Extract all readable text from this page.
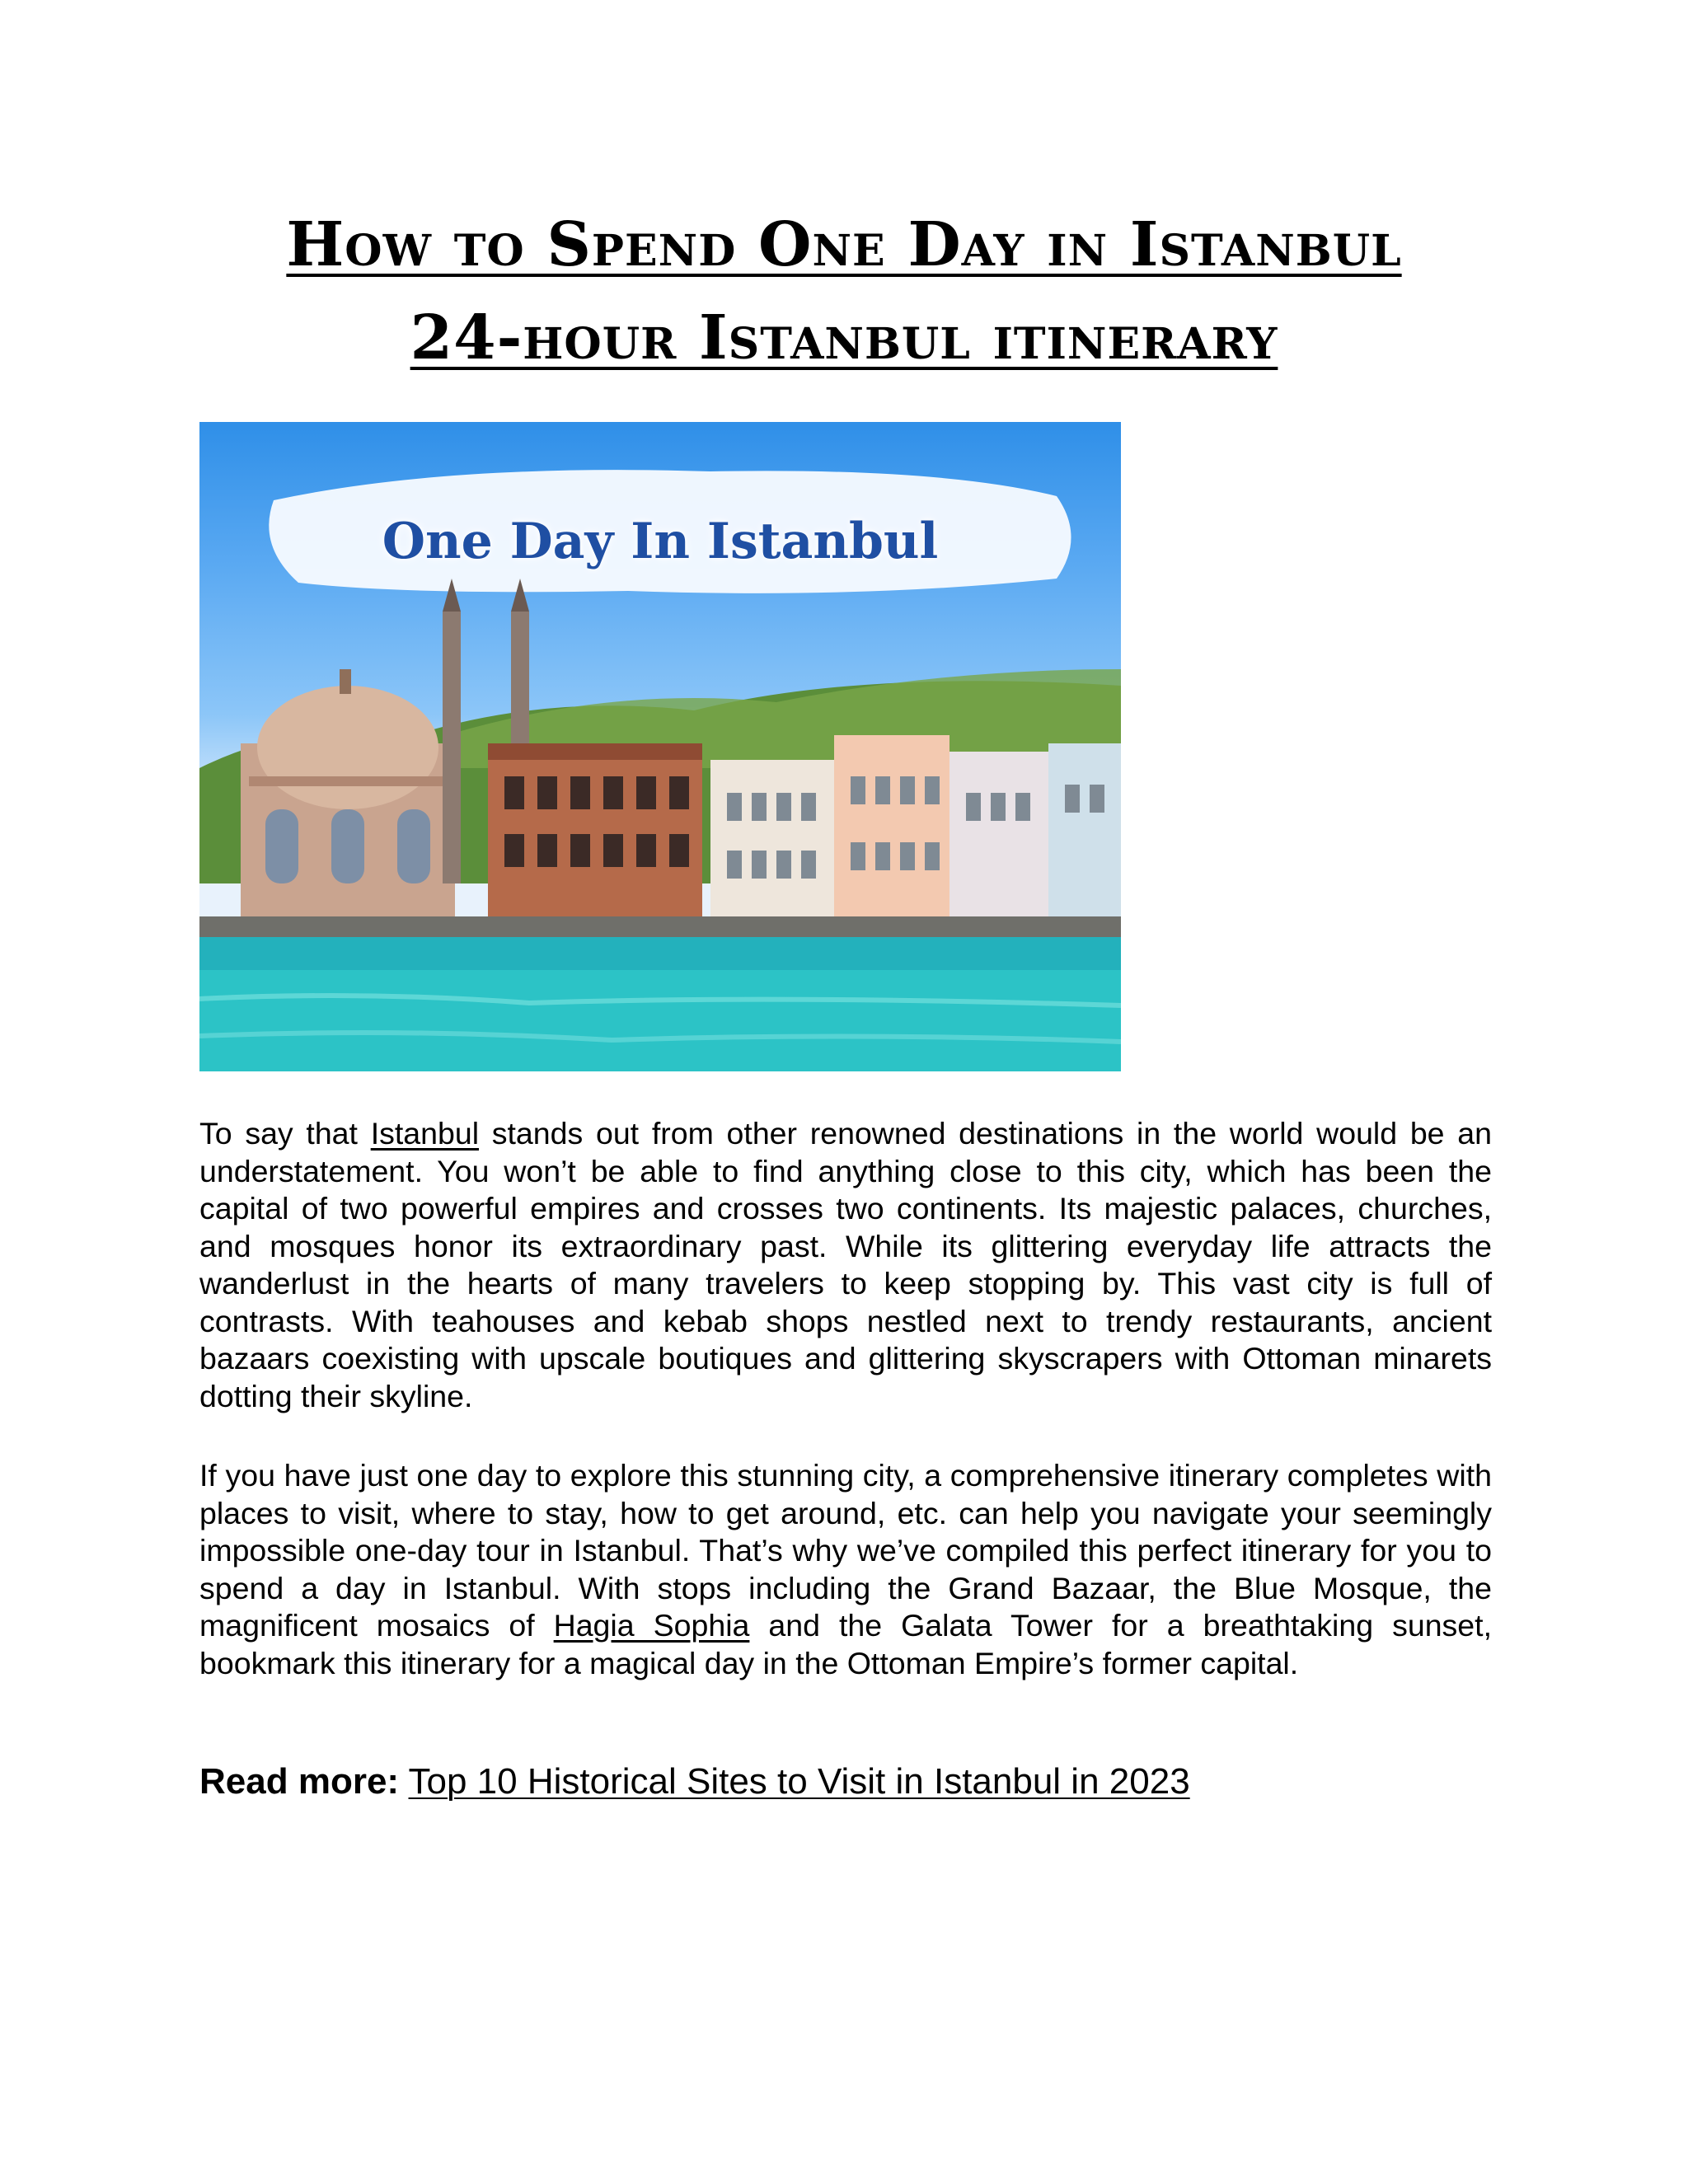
How to Spend One Day in Istanbul
24-hour Istanbul itinerary
One Day In Istanbul

To say that Istanbul stands out from other renowned destinations in the world would be an understatement. You won’t be able to find anything close to this city, which has been the capital of two powerful empires and crosses two continents. Its majestic palaces, churches, and mosques honor its extraordinary past. While its glittering everyday life attracts the wanderlust in the hearts of many travelers to keep stopping by. This vast city is full of contrasts. With teahouses and kebab shops nestled next to trendy restaurants, ancient bazaars coexisting with upscale boutiques and glittering skyscrapers with Ottoman minarets dotting their skyline.

If you have just one day to explore this stunning city, a comprehensive itinerary completes with places to visit, where to stay, how to get around, etc. can help you navigate your seemingly impossible one-day tour in Istanbul. That’s why we’ve compiled this perfect itinerary for you to spend a day in Istanbul. With stops including the Grand Bazaar, the Blue Mosque, the magnificent mosaics of Hagia Sophia and the Galata Tower for a breathtaking sunset, bookmark this itinerary for a magical day in the Ottoman Empire’s former capital.

Read more: Top 10 Historical Sites to Visit in Istanbul in 2023
